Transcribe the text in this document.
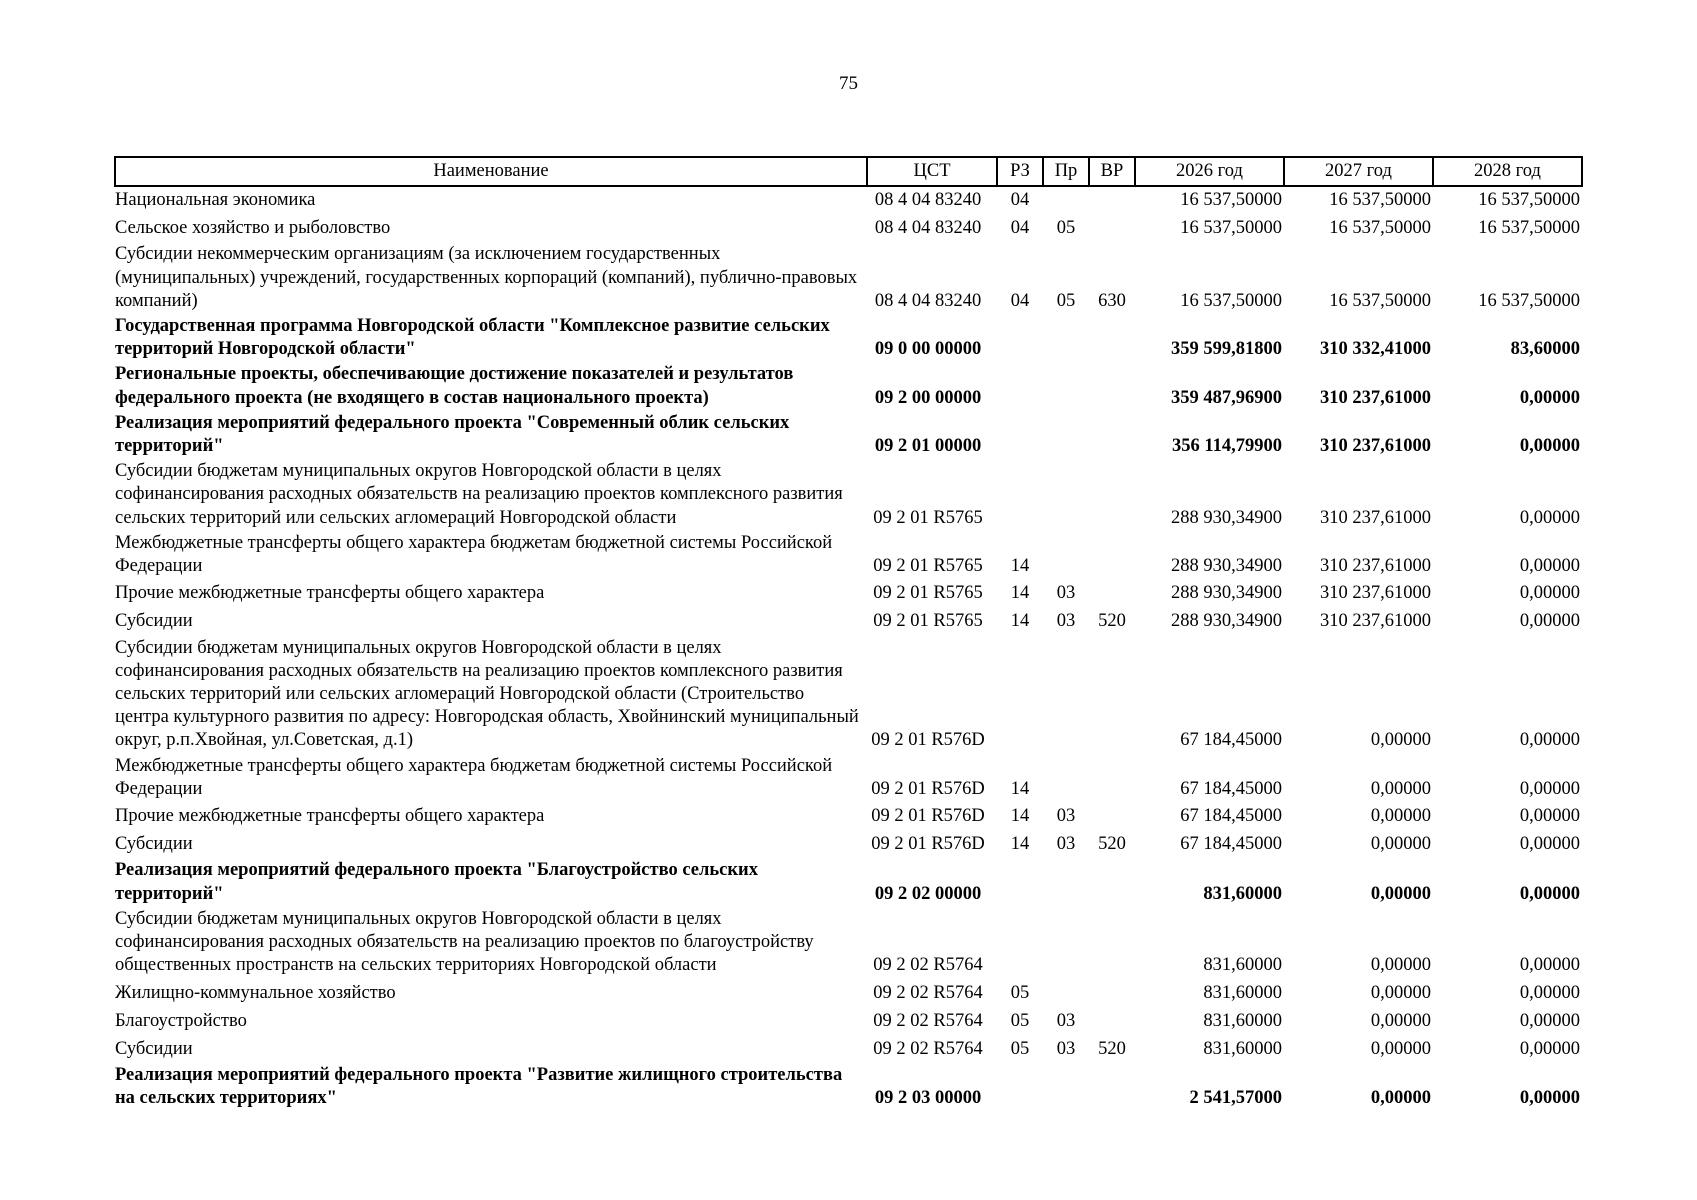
75
Наименование	ЦСТ	РЗ	Пр	ВР	2026 год	2027 год	2028 год
Национальная экономика	08 4 04 83240	04			16 537,50000	16 537,50000	16 537,50000
Сельское хозяйство и рыболовство	08 4 04 83240	04	05		16 537,50000	16 537,50000	16 537,50000
Субсидии некоммерческим организациям (за исключением государственных (муниципальных) учреждений, государственных корпораций (компаний), публично-правовых компаний)	08 4 04 83240	04	05	630	16 537,50000	16 537,50000	16 537,50000
Государственная программа Новгородской области "Комплексное развитие сельских территорий Новгородской области"	09 0 00 00000				359 599,81800	310 332,41000	83,60000
Региональные проекты, обеспечивающие достижение показателей и результатов федерального проекта (не входящего в состав национального проекта)	09 2 00 00000				359 487,96900	310 237,61000	0,00000
Реализация мероприятий федерального проекта "Современный облик сельских территорий"	09 2 01 00000				356 114,79900	310 237,61000	0,00000
Субсидии бюджетам муниципальных округов Новгородской области в целях софинансирования расходных обязательств на реализацию проектов комплексного развития сельских территорий или сельских агломераций Новгородской области	09 2 01 R5765				288 930,34900	310 237,61000	0,00000
Межбюджетные трансферты общего характера бюджетам бюджетной системы Российской Федерации	09 2 01 R5765	14			288 930,34900	310 237,61000	0,00000
Прочие межбюджетные трансферты общего характера	09 2 01 R5765	14	03		288 930,34900	310 237,61000	0,00000
Субсидии	09 2 01 R5765	14	03	520	288 930,34900	310 237,61000	0,00000
Субсидии бюджетам муниципальных округов Новгородской области в целях софинансирования расходных обязательств на реализацию проектов комплексного развития сельских территорий или сельских агломераций Новгородской области (Строительство центра культурного развития по адресу: Новгородская область, Хвойнинский муниципальный округ, р.п.Хвойная, ул.Советская, д.1)	09 2 01 R576D				67 184,45000	0,00000	0,00000
Межбюджетные трансферты общего характера бюджетам бюджетной системы Российской Федерации	09 2 01 R576D	14			67 184,45000	0,00000	0,00000
Прочие межбюджетные трансферты общего характера	09 2 01 R576D	14	03		67 184,45000	0,00000	0,00000
Субсидии	09 2 01 R576D	14	03	520	67 184,45000	0,00000	0,00000
Реализация мероприятий федерального проекта "Благоустройство сельских территорий"	09 2 02 00000				831,60000	0,00000	0,00000
Субсидии бюджетам муниципальных округов Новгородской области в целях софинансирования расходных обязательств на реализацию проектов по благоустройству общественных пространств на сельских территориях Новгородской области	09 2 02 R5764				831,60000	0,00000	0,00000
Жилищно-коммунальное хозяйство	09 2 02 R5764	05			831,60000	0,00000	0,00000
Благоустройство	09 2 02 R5764	05	03		831,60000	0,00000	0,00000
Субсидии	09 2 02 R5764	05	03	520	831,60000	0,00000	0,00000
Реализация мероприятий федерального проекта "Развитие жилищного строительства на сельских территориях"	09 2 03 00000				2 541,57000	0,00000	0,00000
